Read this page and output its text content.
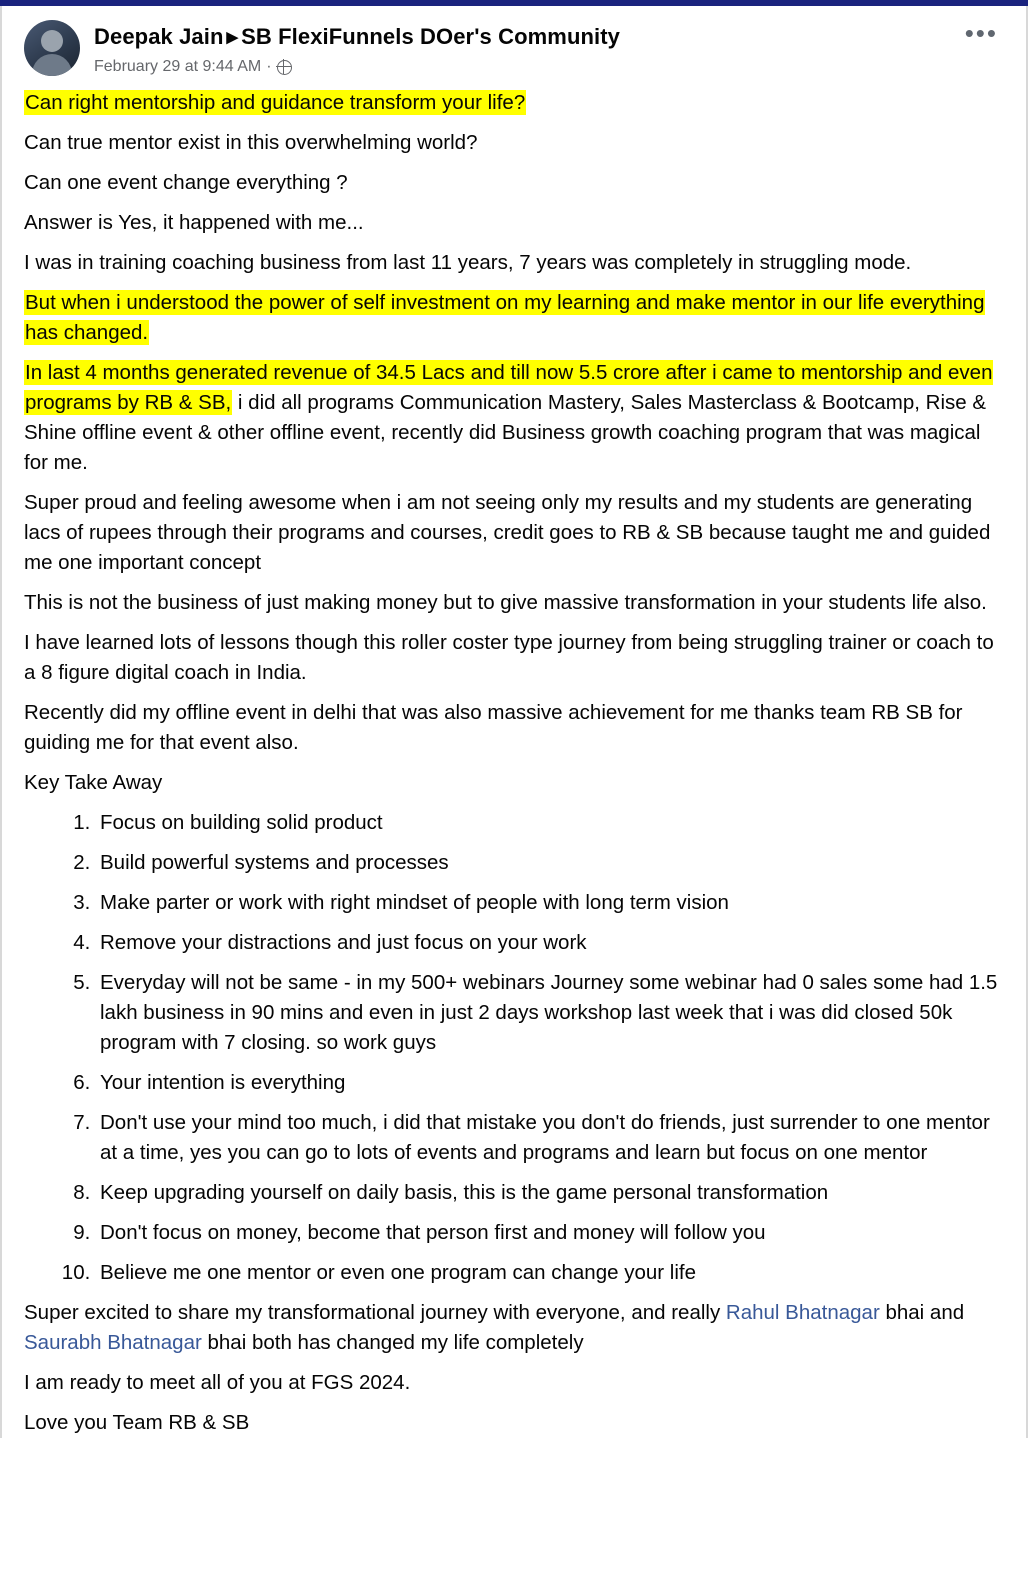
Deepak Jain ▶ SB FlexiFunnels DOer's Community
February 29 at 9:44 AM ·
•••

Can right mentorship and guidance transform your life?

Can true mentor exist in this overwhelming world?

Can one event change everything ?

Answer is Yes, it happened with me...

I was in training coaching business from last 11 years, 7 years was completely in struggling mode.

But when i understood the power of self investment on my learning and make mentor in our life everything has changed.

In last 4 months generated revenue of 34.5 Lacs and till now 5.5 crore after i came to mentorship and even programs by RB & SB, i did all programs Communication Mastery, Sales Masterclass & Bootcamp, Rise & Shine offline event & other offline event, recently did Business growth coaching program that was magical for me.

Super proud and feeling awesome when i am not seeing only my results and my students are generating lacs of rupees through their programs and courses, credit goes to RB & SB because taught me and guided me one important concept

This is not the business of just making money but to give massive transformation in your students life also.

I have learned lots of lessons though this roller coster type journey from being struggling trainer or coach to a 8 figure digital coach in India.

Recently did my offline event in delhi that was also massive achievement for me thanks team RB SB for guiding me for that event also.

Key Take Away

1. Focus on building solid product
2. Build powerful systems and processes
3. Make parter or work with right mindset of people with long term vision
4. Remove your distractions and just focus on your work
5. Everyday will not be same - in my 500+ webinars Journey some webinar had 0 sales some had 1.5 lakh business in 90 mins and even in just 2 days workshop last week that i was did closed 50k program with 7 closing. so work guys
6. Your intention is everything
7. Don't use your mind too much, i did that mistake you don't do friends, just surrender to one mentor at a time, yes you can go to lots of events and programs and learn but focus on one mentor
8. Keep upgrading yourself on daily basis, this is the game personal transformation
9. Don't focus on money, become that person first and money will follow you
10. Believe me one mentor or even one program can change your life

Super excited to share my transformational journey with everyone, and really Rahul Bhatnagar bhai and Saurabh Bhatnagar bhai both has changed my life completely

I am ready to meet all of you at FGS 2024.

Love you Team RB & SB
